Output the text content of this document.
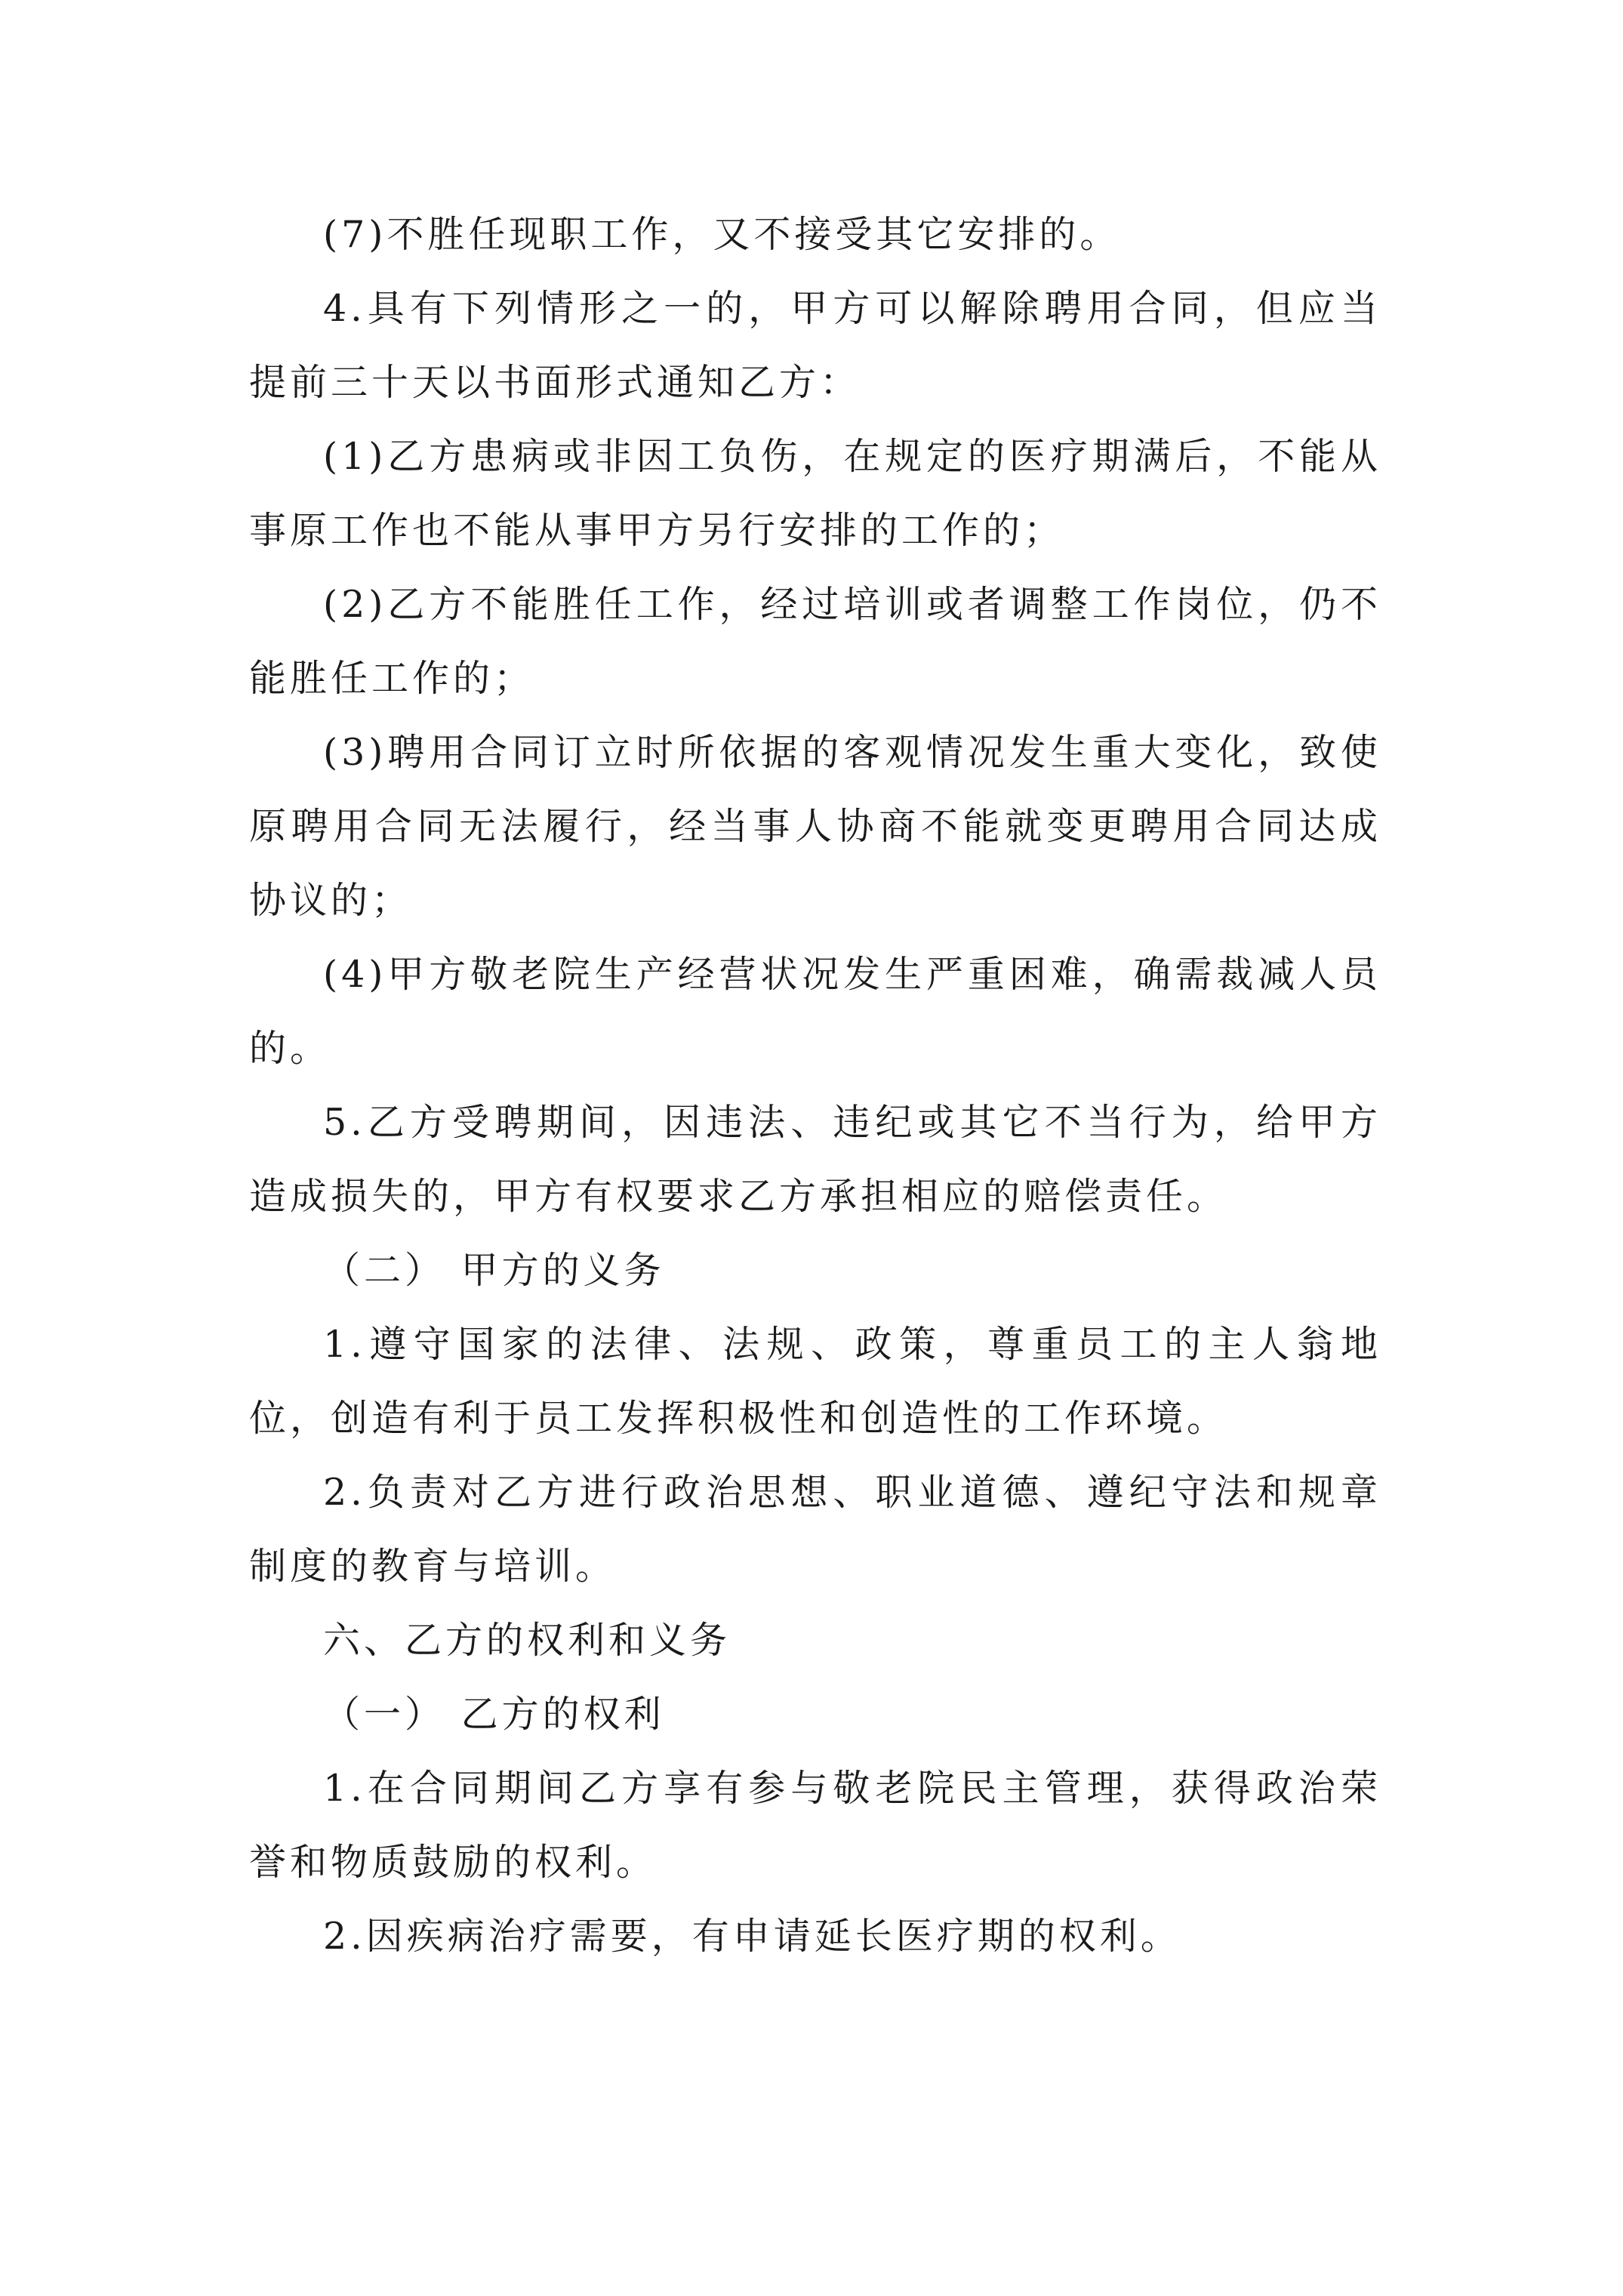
(7)不胜任现职工作，又不接受其它安排的。

4.具有下列情形之一的，甲方可以解除聘用合同，但应当提前三十天以书面形式通知乙方：

(1)乙方患病或非因工负伤，在规定的医疗期满后，不能从事原工作也不能从事甲方另行安排的工作的；

(2)乙方不能胜任工作，经过培训或者调整工作岗位，仍不能胜任工作的；

(3)聘用合同订立时所依据的客观情况发生重大变化，致使原聘用合同无法履行，经当事人协商不能就变更聘用合同达成协议的；

(4)甲方敬老院生产经营状况发生严重困难，确需裁减人员的。

5.乙方受聘期间，因违法、违纪或其它不当行为，给甲方造成损失的，甲方有权要求乙方承担相应的赔偿责任。

（二） 甲方的义务

1.遵守国家的法律、法规、政策，尊重员工的主人翁地位，创造有利于员工发挥积极性和创造性的工作环境。

2.负责对乙方进行政治思想、职业道德、遵纪守法和规章制度的教育与培训。

六、乙方的权利和义务

（一） 乙方的权利

1.在合同期间乙方享有参与敬老院民主管理，获得政治荣誉和物质鼓励的权利。

2.因疾病治疗需要，有申请延长医疗期的权利。
